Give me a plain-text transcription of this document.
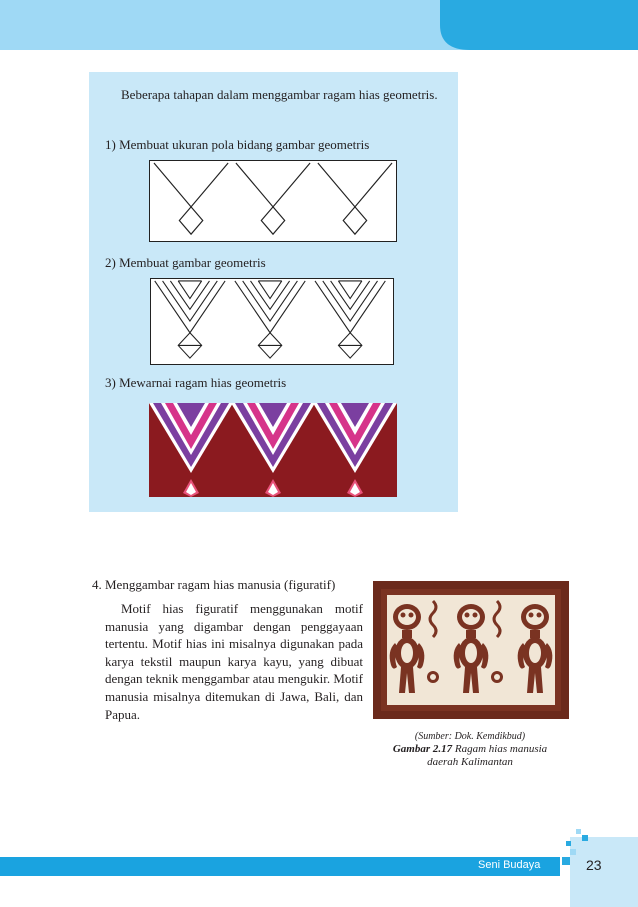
Beberapa tahapan dalam menggambar ragam hias geometris.

1) Membuat ukuran pola bidang gambar geometris
2) Membuat gambar geometris
3) Mewarnai ragam hias geometris
4. Menggambar ragam hias manusia (figuratif)

Motif hias figuratif menggunakan motif manusia yang digambar dengan penggayaan tertentu. Motif hias ini misalnya digunakan pada karya tekstil maupun karya kayu, yang dibuat dengan teknik menggambar atau mengukir. Motif manusia misalnya ditemukan di Jawa, Bali, dan Papua.

(Sumber: Dok. Kemdikbud)
Gambar 2.17 Ragam hias manusia
daerah Kalimantan
Seni Budaya	23
